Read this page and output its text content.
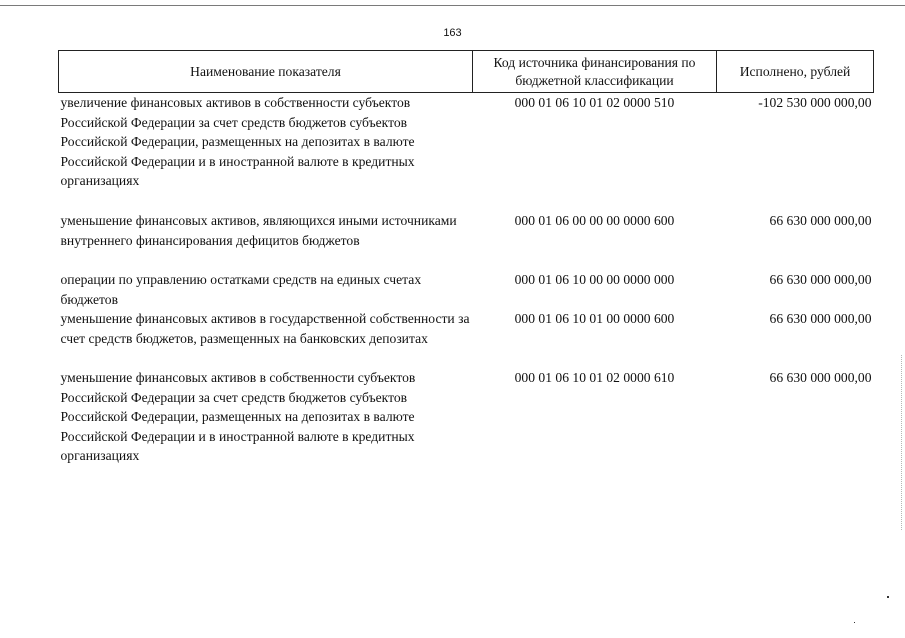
163
Наименование показателя	Код источника финансирования по бюджетной классификации	Исполнено, рублей
увеличение финансовых активов в собственности субъектов Российской Федерации за счет средств бюджетов субъектов Российской Федерации, размещенных на депозитах в валюте Российской Федерации и в иностранной валюте в кредитных организациях	000 01 06 10 01 02 0000 510	-102 530 000 000,00
уменьшение финансовых активов, являющихся иными источниками внутреннего финансирования дефицитов бюджетов	000 01 06 00 00 00 0000 600	66 630 000 000,00
операции по управлению остатками средств на единых счетах бюджетов	000 01 06 10 00 00 0000 000	66 630 000 000,00
уменьшение финансовых активов в государственной собственности за счет средств бюджетов, размещенных на банковских депозитах	000 01 06 10 01 00 0000 600	66 630 000 000,00
уменьшение финансовых активов в собственности субъектов Российской Федерации за счет средств бюджетов субъектов Российской Федерации, размещенных на депозитах в валюте Российской Федерации и в иностранной валюте в кредитных организациях	000 01 06 10 01 02 0000 610	66 630 000 000,00
